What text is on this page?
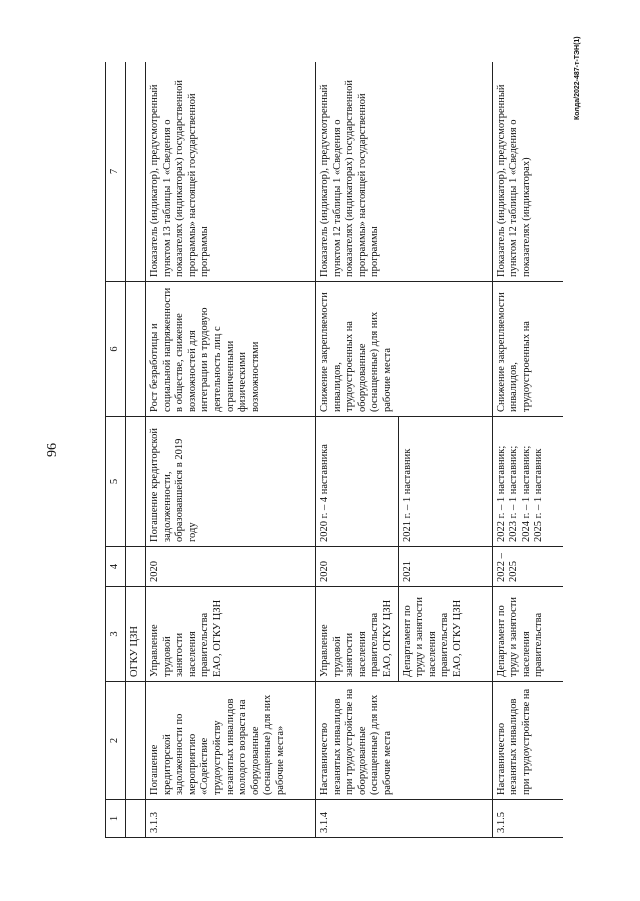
96
Колда/2022-487-т-ТЭН(1)
1	2	3	4	5	6	7
		ОГКУ ЦЗН				
3.1.3	Погашение кредиторской задолженности по мероприятию «Содействие трудоустройству незанятых инвалидов молодого возраста на оборудованные (оснащенные) для них рабочие места»	Управление трудовой занятости населения правительства ЕАО, ОГКУ ЦЗН	2020	Погашение кредиторской задолженности, образовавшейся в 2019 году	Рост безработицы и социальной напряженности в обществе, снижение возможностей для интеграции в трудовую деятельность лиц с ограниченными физическими возможностями	Показатель (индикатор), предусмотренный пунктом 13 таблицы 1 «Сведения о показателях (индикаторах) государственной программы» настоящей государственной программы
3.1.4	Наставничество незанятых инвалидов при трудоустройстве на оборудованные (оснащенные) для них рабочие места	Управление трудовой занятости населения правительства ЕАО, ОГКУ ЦЗН	2020	2020 г. – 4 наставника	Снижение закрепляемости инвалидов, трудоустроенных на оборудованные (оснащенные) для них рабочие места	Показатель (индикатор), предусмотренный пунктом 12 таблицы 1 «Сведения о показателях (индикаторах) государственной программы» настоящей государственной программы
		Департамент по труду и занятости населения правительства ЕАО, ОГКУ ЦЗН	2021	2021 г. – 1 наставник		
3.1.5	Наставничество незанятых инвалидов при трудоустройстве на	Департамент по труду и занятости населения правительства	2022 – 2025	2022 г. – 1 наставник; 2023 г. – 1 наставник; 2024 г. – 1 наставник; 2025 г. – 1 наставник	Снижение закрепляемости инвалидов, трудоустроенных на	Показатель (индикатор), предусмотренный пунктом 12 таблицы 1 «Сведения о показателях (индикаторах)
